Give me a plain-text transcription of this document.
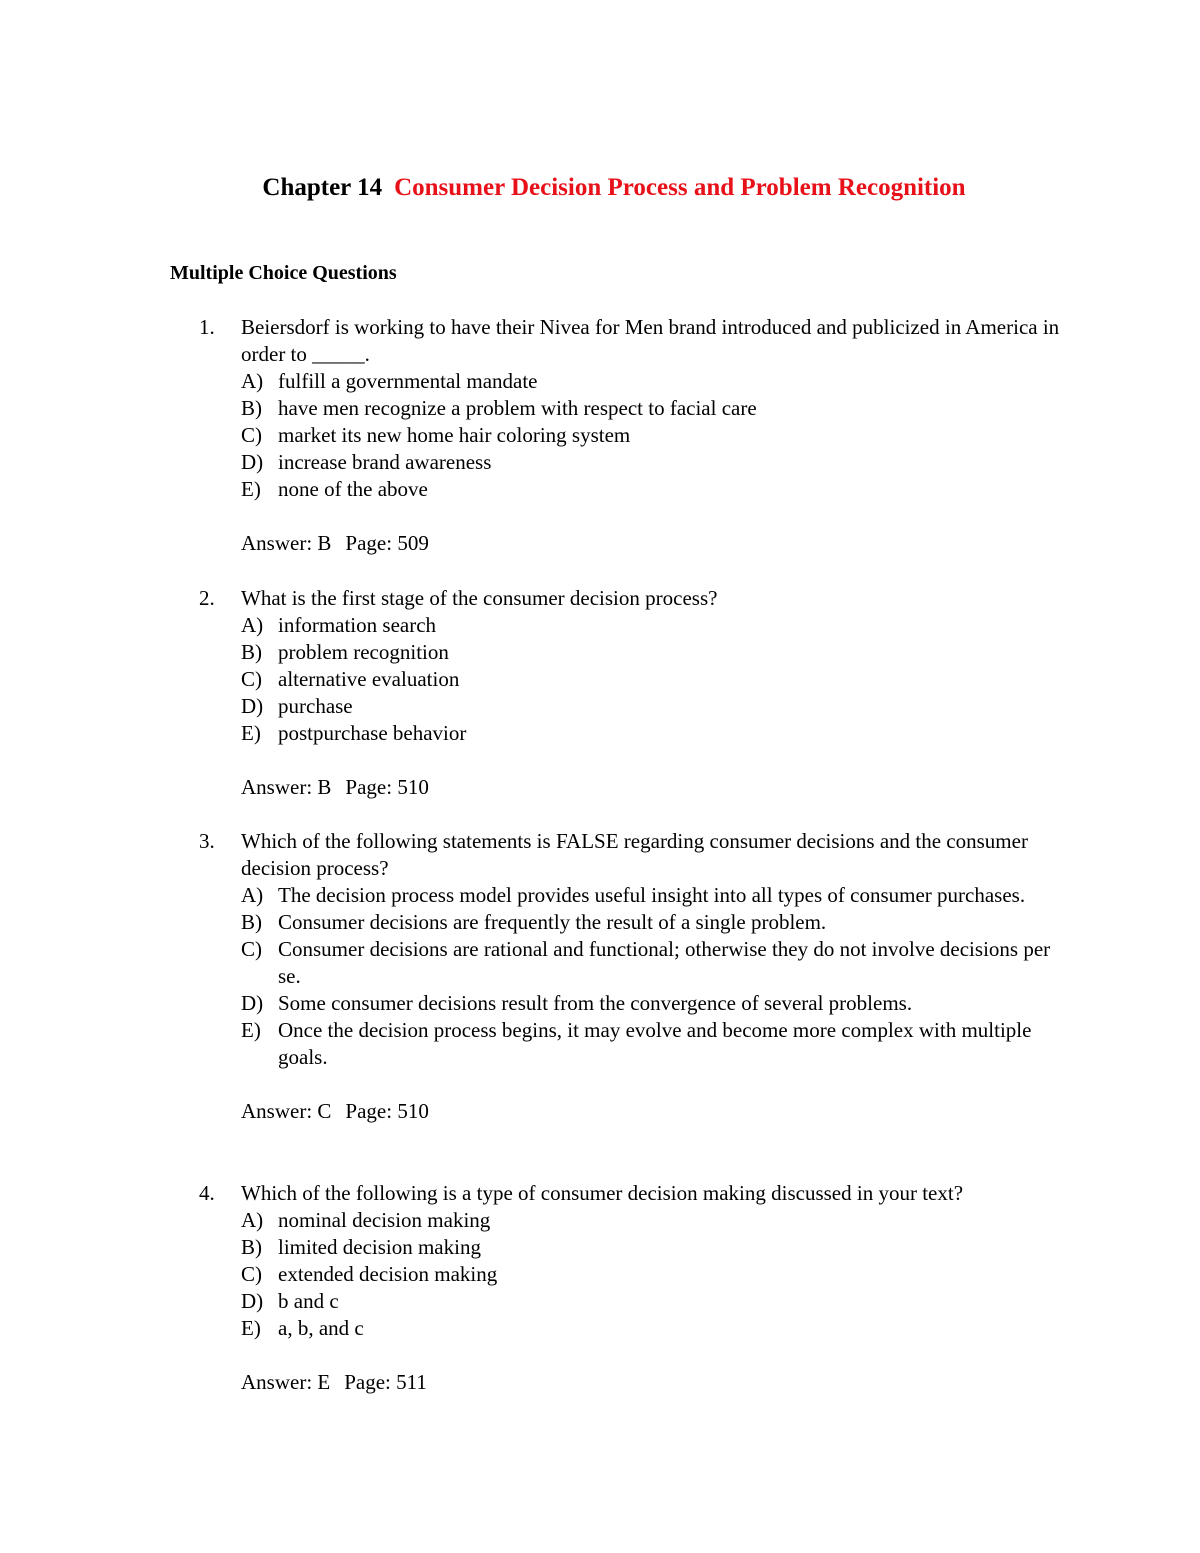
Chapter 14 Consumer Decision Process and Problem Recognition
Multiple Choice Questions
1. Beiersdorf is working to have their Nivea for Men brand introduced and publicized in America in order to _____.
A) fulfill a governmental mandate
B) have men recognize a problem with respect to facial care
C) market its new home hair coloring system
D) increase brand awareness
E) none of the above
Answer: B Page: 509
2. What is the first stage of the consumer decision process?
A) information search
B) problem recognition
C) alternative evaluation
D) purchase
E) postpurchase behavior
Answer: B Page: 510
3. Which of the following statements is FALSE regarding consumer decisions and the consumer decision process?
A) The decision process model provides useful insight into all types of consumer purchases.
B) Consumer decisions are frequently the result of a single problem.
C) Consumer decisions are rational and functional; otherwise they do not involve decisions per se.
D) Some consumer decisions result from the convergence of several problems.
E) Once the decision process begins, it may evolve and become more complex with multiple goals.
Answer: C Page: 510
4. Which of the following is a type of consumer decision making discussed in your text?
A) nominal decision making
B) limited decision making
C) extended decision making
D) b and c
E) a, b, and c
Answer: E Page: 511
